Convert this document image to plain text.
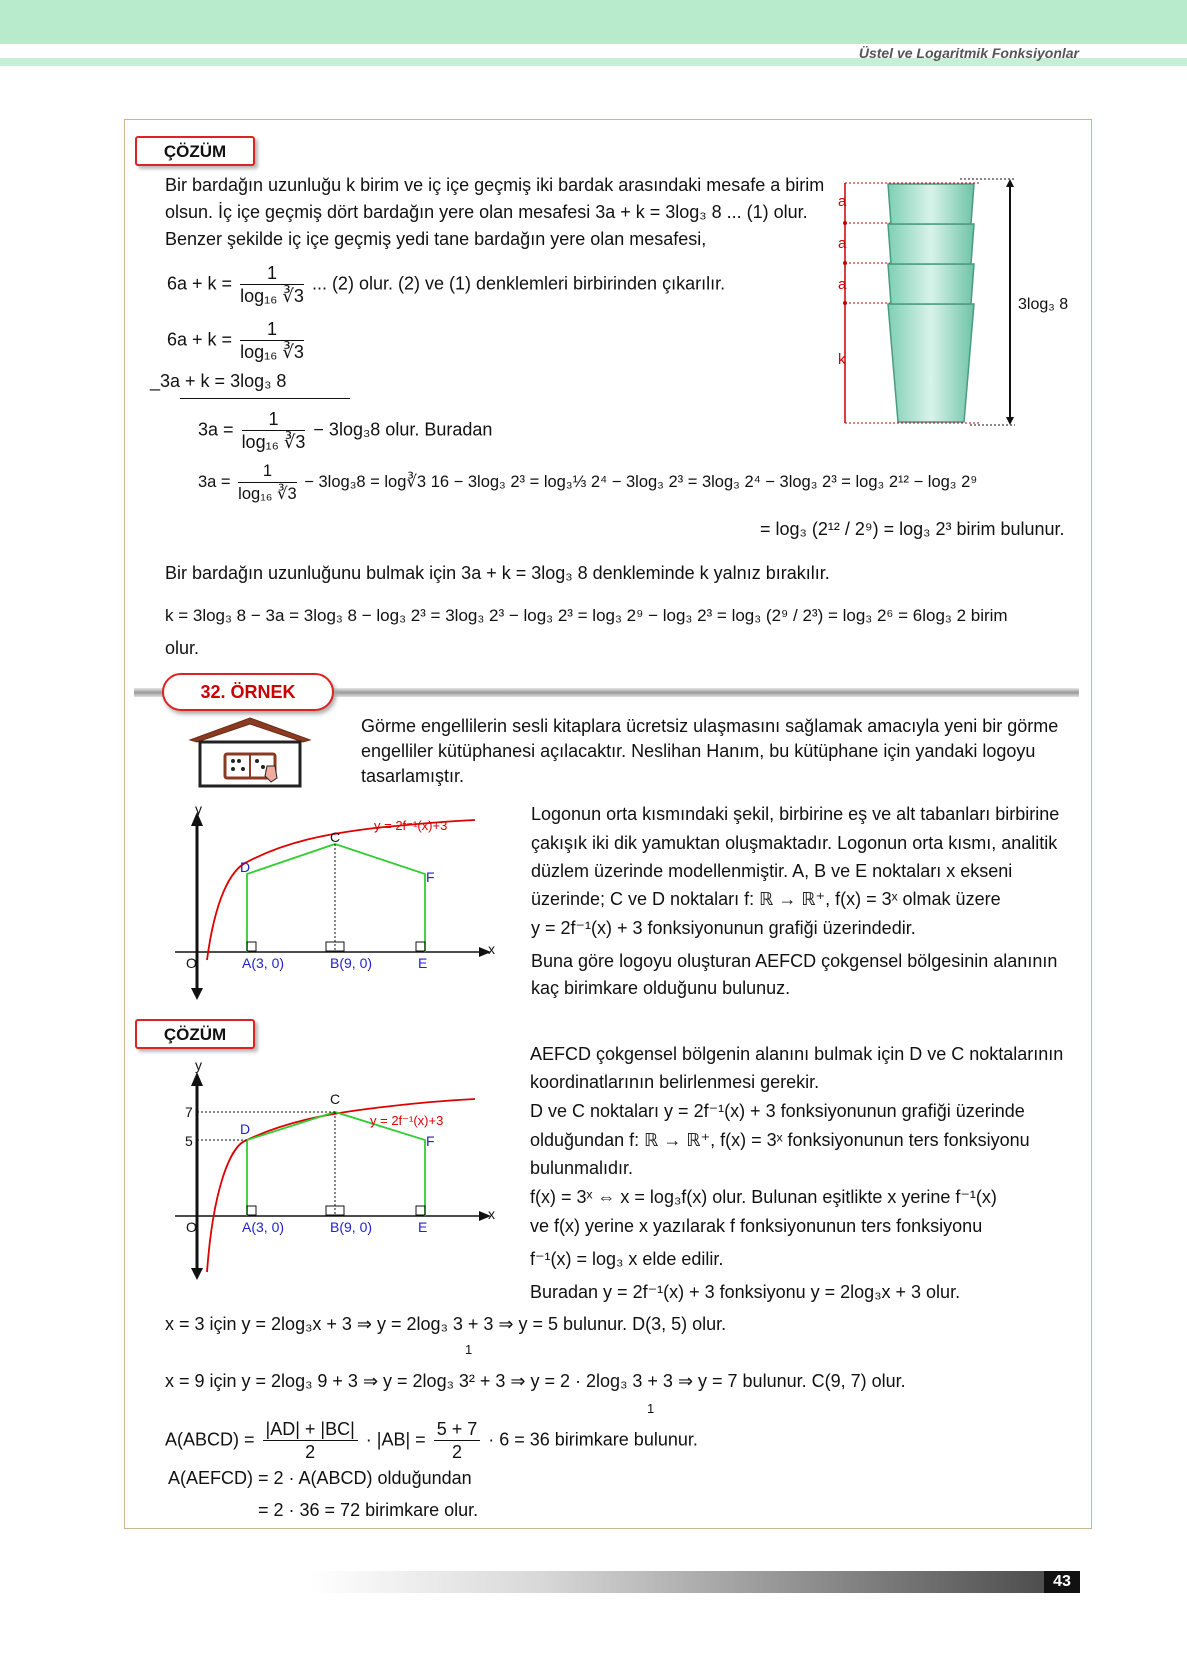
Üstel ve Logaritmik Fonksiyonlar
ÇÖZÜM
Bir bardağın uzunluğu k birim ve iç içe geçmiş iki bardak arasındaki mesafe a birim
olsun. İç içe geçmiş dört bardağın yere olan mesafesi 3a + k = 3log₃ 8 ... (1) olur.
Benzer şekilde iç içe geçmiş yedi tane bardağın yere olan mesafesi,
$6a + k = \frac{1}{\text{log₁₆ ∛3}}$ ... (2) olur. (2) ve (1) denklemleri birbirinden çıkarılır.
$6a + k = \frac{1}{\text{log₁₆ ∛3}}$
_3a + k = 3log₃ 8
$3a = \frac{1}{\text{log₁₆ ∛3}} - 3\log_38$ olur. Buradan
$3a = \frac{1}{\text{log₁₆ ∛3}} - 3\log_38$ = log∛3 16 − 3log₃ 2³ = log₃⅓ 2⁴ − 3log₃ 2³ = 3log₃ 2⁴ − 3log₃ 2³ = log₃ 2¹² − log₃ 2⁹
= log₃ (2¹² / 2⁹) = log₃ 2³ birim bulunur.
Bir bardağın uzunluğunu bulmak için 3a + k = 3log₃ 8 denkleminde k yalnız bırakılır.
k = 3log₃ 8 − 3a = 3log₃ 8 − log₃ 2³ = 3log₃ 2³ − log₃ 2³ = log₃ 2⁹ − log₃ 2³ = log₃ (2⁹ / 2³) = log₃ 2⁶ = 6log₃ 2 birim
olur.
a
a
a
k
3log₃ 8
32. ÖRNEK
Görme engellilerin sesli kitaplara ücretsiz ulaşmasını sağlamak amacıyla yeni bir görme engelliler kütüphanesi açılacaktır. Neslihan Hanım, bu kütüphane için yandaki logoyu tasarlamıştır.
Logonun orta kısmındaki şekil, birbirine eş ve alt tabanları birbirine
çakışık iki dik yamuktan oluşmaktadır. Logonun orta kısmı, analitik
düzlem üzerinde modellenmiştir. A, B ve E noktaları x ekseni
üzerinde; C ve D noktaları f: ℝ → ℝ⁺, f(x) = 3ˣ olmak üzere
y = 2f⁻¹(x) + 3 fonksiyonunun grafiği üzerindedir.
Buna göre logoyu oluşturan AEFCD çokgensel bölgesinin alanının
kaç birimkare olduğunu bulunuz.
y
x
O
y = 2f⁻¹(x)+3
C
D
F
A(3, 0)	B(9, 0)	E
ÇÖZÜM
y
x
O
7
5
y = 2f⁻¹(x)+3
C
D
F
A(3, 0)	B(9, 0)	E
AEFCD çokgensel bölgenin alanını bulmak için D ve C noktalarının
koordinatlarının belirlenmesi gerekir.
D ve C noktaları y = 2f⁻¹(x) + 3 fonksiyonunun grafiği üzerinde
olduğundan f: ℝ → ℝ⁺, f(x) = 3ˣ fonksiyonunun ters fonksiyonu
bulunmalıdır.
f(x) = 3ˣ ⇔ x = log₃f(x) olur. Bulunan eşitlikte x yerine f⁻¹(x)
ve f(x) yerine x yazılarak f fonksiyonunun ters fonksiyonu
f⁻¹(x) = log₃ x elde edilir.
Buradan y = 2f⁻¹(x) + 3 fonksiyonu y = 2log₃x + 3 olur.
x = 3 için y = 2log₃x + 3 ⇒ y = 2log₃ 3 + 3 ⇒ y = 5 bulunur. D(3, 5) olur.
1
x = 9 için y = 2log₃ 9 + 3 ⇒ y = 2log₃ 3² + 3 ⇒ y = 2 · 2log₃ 3 + 3 ⇒ y = 7 bulunur. C(9, 7) olur.
1
A(ABCD) = $\frac{|AD| + |BC|}{2} \cdot |AB| = \frac{5 + 7}{2} \cdot 6 = 36$ birimkare bulunur.
A(AEFCD) = 2 · A(ABCD) olduğundan
= 2 · 36 = 72 birimkare olur.
43
